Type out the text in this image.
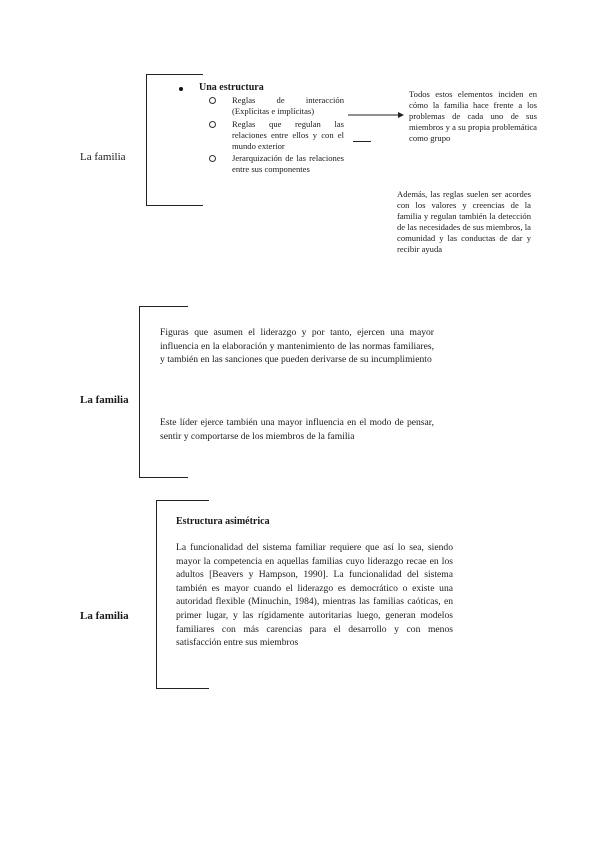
La familia
Una estructura
Reglas de interacción (Explícitas e implícitas)
Reglas que regulan las relaciones entre ellos y con el mundo exterior
Jerarquización de las relaciones entre sus componentes
Todos estos elementos inciden en cómo la familia hace frente a los problemas de cada uno de sus miembros y a su propia problemática como grupo
Además, las reglas suelen ser acordes con los valores y creencias de la familia y regulan también la detección de las necesidades de sus miembros, la comunidad y las conductas de dar y recibir ayuda
La familia
Figuras que asumen el liderazgo y por tanto, ejercen una mayor influencia en la elaboración y mantenimiento de las normas familiares, y también en las sanciones que pueden derivarse de su incumplimiento
Este líder ejerce también una mayor influencia en el modo de pensar, sentir y comportarse de los miembros de la familia
La familia
Estructura asimétrica
La funcionalidad del sistema familiar requiere que así lo sea, siendo mayor la competencia en aquellas familias cuyo liderazgo recae en los adultos [Beavers y Hampson, 1990]. La funcionalidad del sistema también es mayor cuando el liderazgo es democrático o existe una autoridad flexible (Minuchin, 1984), mientras las familias caóticas, en primer lugar, y las rígidamente autoritarias luego, generan modelos familiares con más carencias para el desarrollo y con menos satisfacción entre sus miembros
